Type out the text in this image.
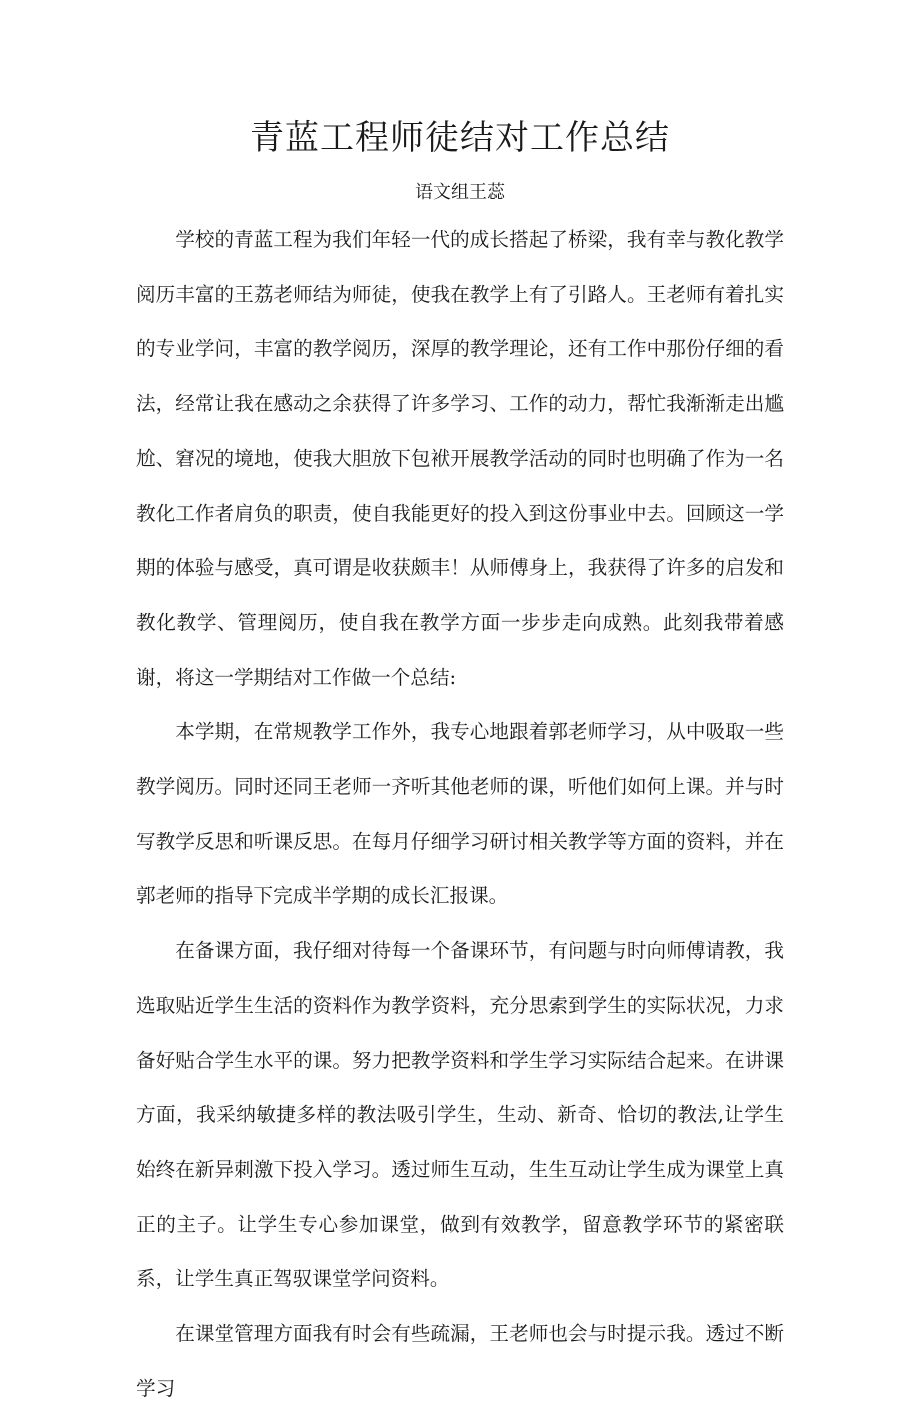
青蓝工程师徒结对工作总结
语文组王蕊

学校的青蓝工程为我们年轻一代的成长搭起了桥梁，我有幸与教化教学阅历丰富的王荔老师结为师徒，使我在教学上有了引路人。王老师有着扎实的专业学问，丰富的教学阅历，深厚的教学理论，还有工作中那份仔细的看法，经常让我在感动之余获得了许多学习、工作的动力，帮忙我渐渐走出尴尬、窘况的境地，使我大胆放下包袱开展教学活动的同时也明确了作为一名教化工作者肩负的职责，使自我能更好的投入到这份事业中去。回顾这一学期的体验与感受，真可谓是收获颇丰！从师傅身上，我获得了许多的启发和教化教学、管理阅历，使自我在教学方面一步步走向成熟。此刻我带着感谢，将这一学期结对工作做一个总结:

本学期，在常规教学工作外，我专心地跟着郭老师学习，从中吸取一些教学阅历。同时还同王老师一齐听其他老师的课，听他们如何上课。并与时写教学反思和听课反思。在每月仔细学习研讨相关教学等方面的资料，并在郭老师的指导下完成半学期的成长汇报课。

在备课方面，我仔细对待每一个备课环节，有问题与时向师傅请教，我选取贴近学生生活的资料作为教学资料，充分思索到学生的实际状况，力求备好贴合学生水平的课。努力把教学资料和学生学习实际结合起来。在讲课方面，我采纳敏捷多样的教法吸引学生，生动、新奇、恰切的教法,让学生始终在新异刺激下投入学习。透过师生互动，生生互动让学生成为课堂上真正的主子。让学生专心参加课堂，做到有效教学，留意教学环节的紧密联系，让学生真正驾驭课堂学问资料。

在课堂管理方面我有时会有些疏漏，王老师也会与时提示我。透过不断学习
